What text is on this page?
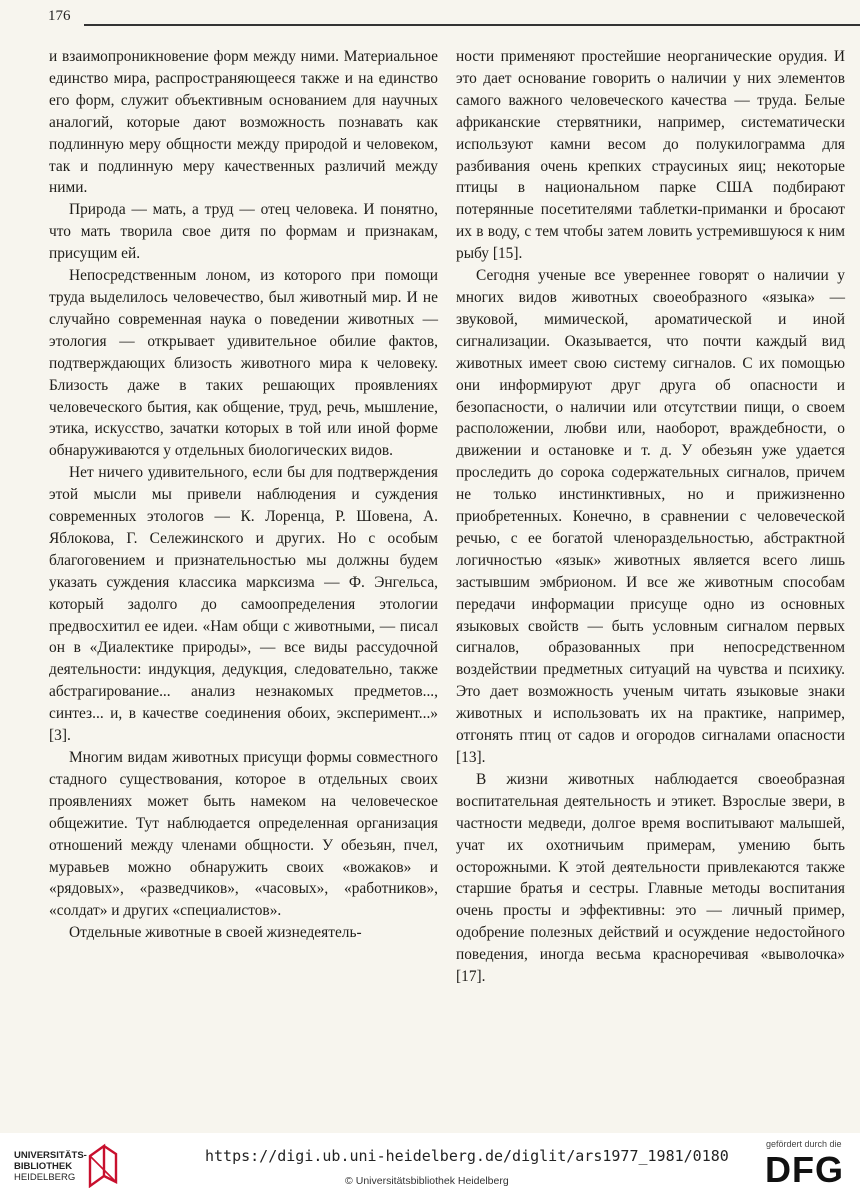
176

и взаимопроникновение форм между ними. Материальное единство мира, распространяющееся также и на единство его форм, служит объективным основанием для научных аналогий, которые дают возможность познавать как подлинную меру общности между природой и человеком, так и подлинную меру качественных различий между ними.

Природа — мать, а труд — отец человека. И понятно, что мать творила свое дитя по формам и признакам, присущим ей.

Непосредственным лоном, из которого при помощи труда выделилось человечество, был животный мир. И не случайно современная наука о поведении животных — этология — открывает удивительное обилие фактов, подтверждающих близость животного мира к человеку. Близость даже в таких решающих проявлениях человеческого бытия, как общение, труд, речь, мышление, этика, искусство, зачатки которых в той или иной форме обнаруживаются у отдельных биологических видов.

Нет ничего удивительного, если бы для подтверждения этой мысли мы привели наблюдения и суждения современных этологов — К. Лоренца, Р. Шовена, А. Яблокова, Г. Сележинского и других. Но с особым благоговением и признательностью мы должны будем указать суждения классика марксизма — Ф. Энгельса, который задолго до самоопределения этологии предвосхитил ее идеи. «Нам общи с животными, — писал он в «Диалектике природы», — все виды рассудочной деятельности: индукция, дедукция, следовательно, также абстрагирование... анализ незнакомых предметов..., синтез... и, в качестве соединения обоих, эксперимент...» [3].

Многим видам животных присущи формы совместного стадного существования, которое в отдельных своих проявлениях может быть намеком на человеческое общежитие. Тут наблюдается определенная организация отношений между членами общности. У обезьян, пчел, муравьев можно обнаружить своих «вожаков» и «рядовых», «разведчиков», «часовых», «работников», «солдат» и других «специалистов».

Отдельные животные в своей жизнедеятель-

ности применяют простейшие неорганические орудия. И это дает основание говорить о наличии у них элементов самого важного человеческого качества — труда. Белые африканские стервятники, например, систематически используют камни весом до полукилограмма для разбивания очень крепких страусиных яиц; некоторые птицы в национальном парке США подбирают потерянные посетителями таблетки-приманки и бросают их в воду, с тем чтобы затем ловить устремившуюся к ним рыбу [15].

Сегодня ученые все увереннее говорят о наличии у многих видов животных своеобразного «языка» — звуковой, мимической, ароматической и иной сигнализации. Оказывается, что почти каждый вид животных имеет свою систему сигналов. С их помощью они информируют друг друга об опасности и безопасности, о наличии или отсутствии пищи, о своем расположении, любви или, наоборот, враждебности, о движении и остановке и т. д. У обезьян уже удается проследить до сорока содержательных сигналов, причем не только инстинктивных, но и прижизненно приобретенных. Конечно, в сравнении с человеческой речью, с ее богатой членораздельностью, абстрактной логичностью «язык» животных является всего лишь застывшим эмбрионом. И все же животным способам передачи информации присуще одно из основных языковых свойств — быть условным сигналом первых сигналов, образованных при непосредственном воздействии предметных ситуаций на чувства и психику. Это дает возможность ученым читать языковые знаки животных и использовать их на практике, например, отгонять птиц от садов и огородов сигналами опасности [13].

В жизни животных наблюдается своеобразная воспитательная деятельность и этикет. Взрослые звери, в частности медведи, долгое время воспитывают малышей, учат их охотничьим примерам, умению быть осторожными. К этой деятельности привлекаются также старшие братья и сестры. Главные методы воспитания очень просты и эффективны: это — личный пример, одобрение полезных действий и осуждение недостойного поведения, иногда весьма красноречивая «выволочка» [17].

UNIVERSITÄTS-
BIBLIOTHEK
HEIDELBERG
https://digi.ub.uni-heidelberg.de/diglit/ars1977_1981/0180
© Universitätsbibliothek Heidelberg
gefördert durch die
DFG
